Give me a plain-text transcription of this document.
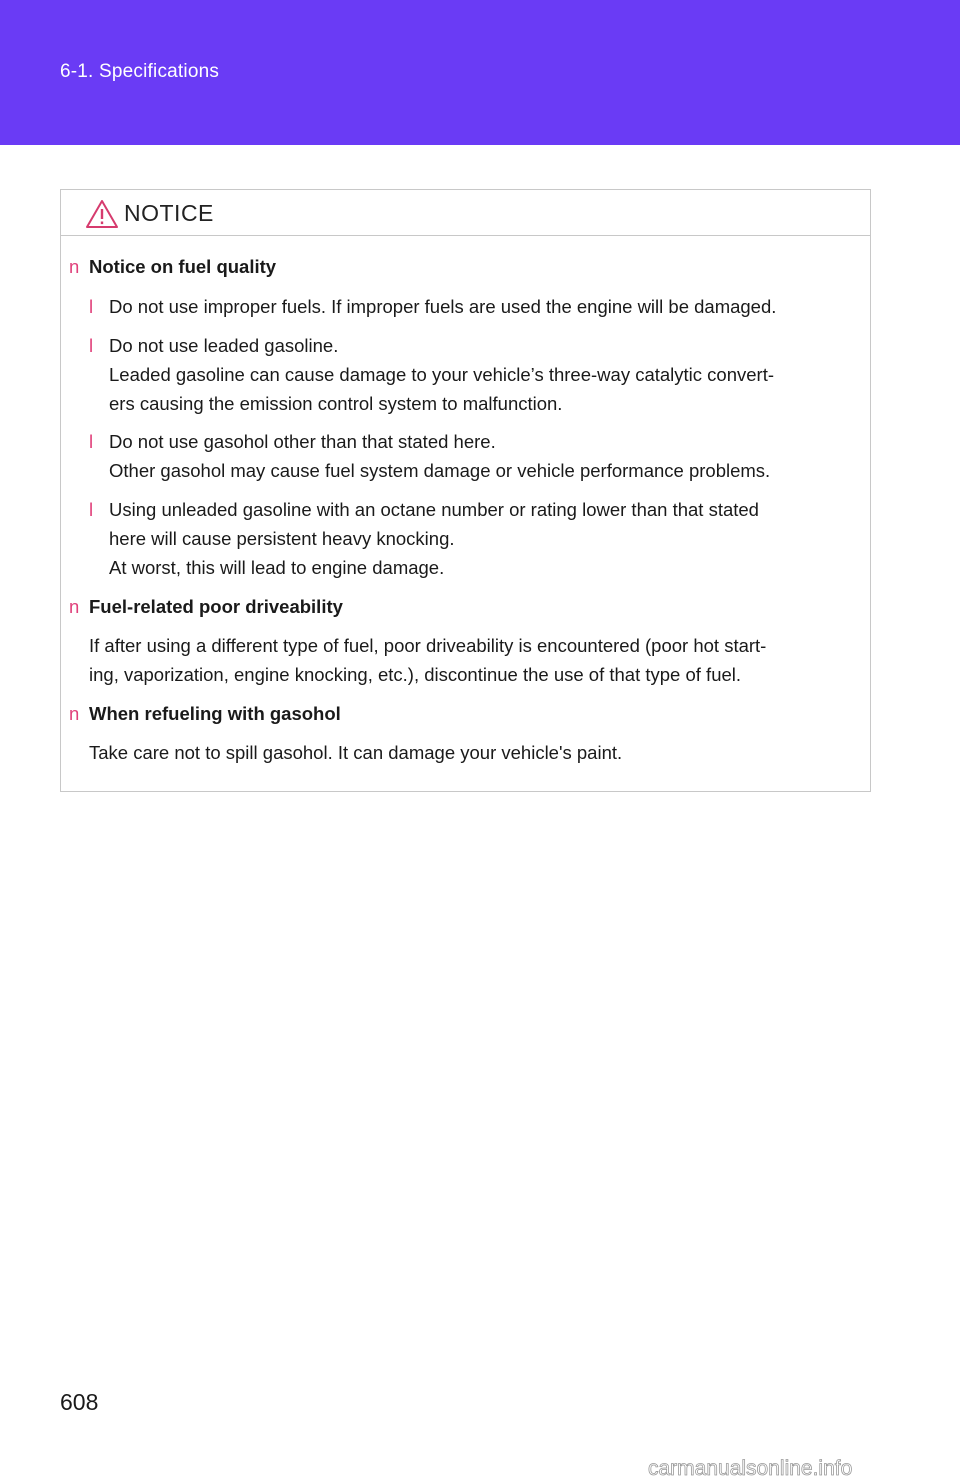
6-1. Specifications
NOTICE
n Notice on fuel quality
l Do not use improper fuels. If improper fuels are used the engine will be damaged.
l Do not use leaded gasoline.
Leaded gasoline can cause damage to your vehicle’s three-way catalytic convert-
ers causing the emission control system to malfunction.
l Do not use gasohol other than that stated here.
Other gasohol may cause fuel system damage or vehicle performance problems.
l Using unleaded gasoline with an octane number or rating lower than that stated
here will cause persistent heavy knocking.
At worst, this will lead to engine damage.
n Fuel-related poor driveability
If after using a different type of fuel, poor driveability is encountered (poor hot start-
ing, vaporization, engine knocking, etc.), discontinue the use of that type of fuel.
n When refueling with gasohol
Take care not to spill gasohol. It can damage your vehicle's paint.
608
carmanualsonline.info
